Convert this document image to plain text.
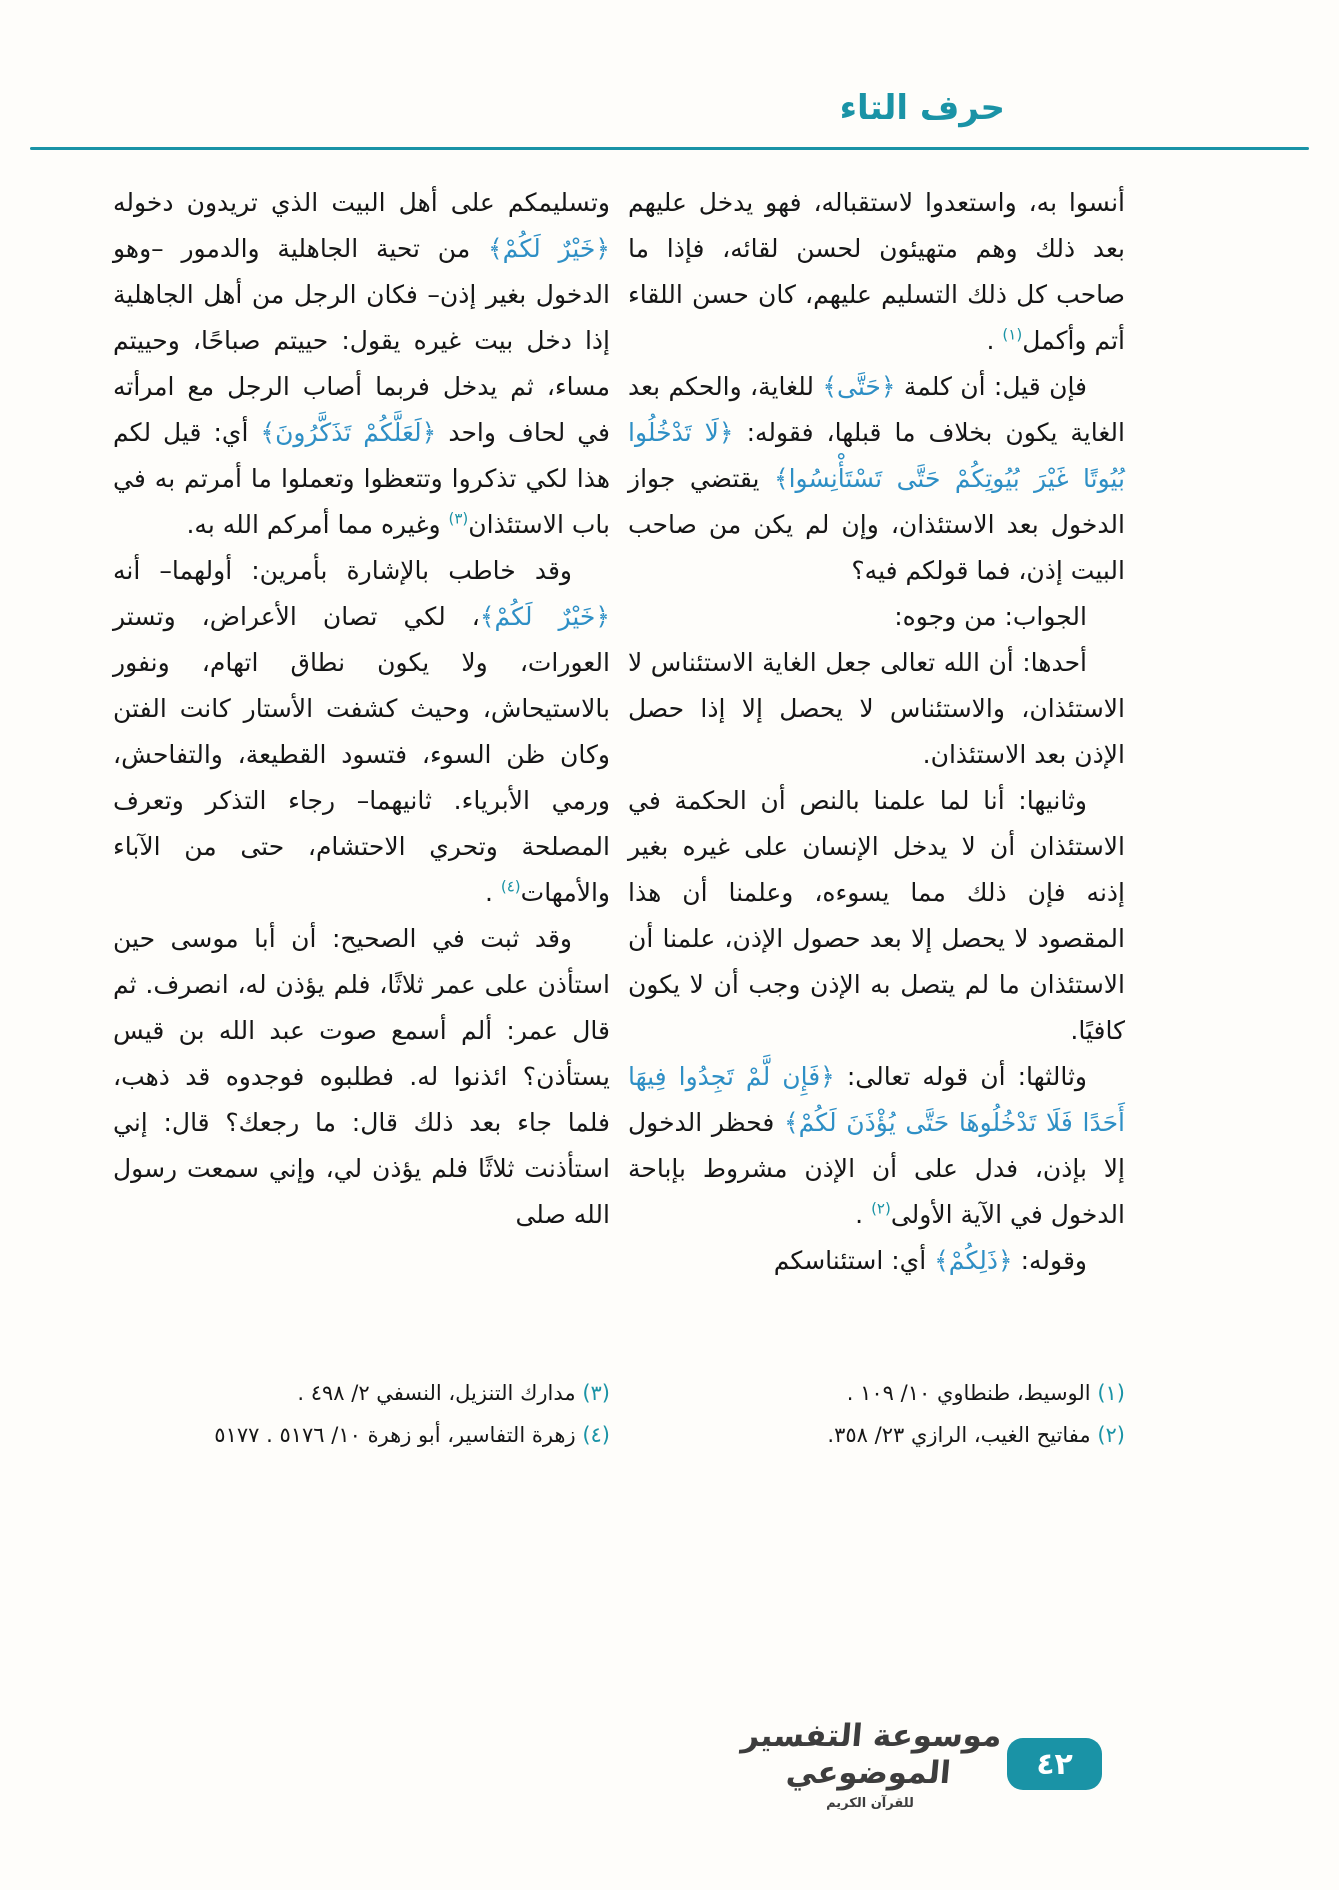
حرف التاء

أنسوا به، واستعدوا لاستقباله، فهو يدخل عليهم بعد ذلك وهم متهيئون لحسن لقائه، فإذا ما صاحب كل ذلك التسليم عليهم، كان حسن اللقاء أتم وأكمل$^{(١)}$ .

فإن قيل: أن كلمة ﴿حَتَّى﴾ للغاية، والحكم بعد الغاية يكون بخلاف ما قبلها، فقوله: ﴿لَا تَدْخُلُوا بُيُوتًا غَيْرَ بُيُوتِكُمْ حَتَّى تَسْتَأْنِسُوا﴾ يقتضي جواز الدخول بعد الاستئذان، وإن لم يكن من صاحب البيت إذن، فما قولكم فيه؟

الجواب: من وجوه:

أحدها: أن الله تعالى جعل الغاية الاستئناس لا الاستئذان، والاستئناس لا يحصل إلا إذا حصل الإذن بعد الاستئذان.

وثانيها: أنا لما علمنا بالنص أن الحكمة في الاستئذان أن لا يدخل الإنسان على غيره بغير إذنه فإن ذلك مما يسوءه، وعلمنا أن هذا المقصود لا يحصل إلا بعد حصول الإذن، علمنا أن الاستئذان ما لم يتصل به الإذن وجب أن لا يكون كافيًا.

وثالثها: أن قوله تعالى: ﴿فَإِن لَّمْ تَجِدُوا فِيهَا أَحَدًا فَلَا تَدْخُلُوهَا حَتَّى يُؤْذَنَ لَكُمْ﴾ فحظر الدخول إلا بإذن، فدل على أن الإذن مشروط بإباحة الدخول في الآية الأولى$^{(٢)}$ .

وقوله: ﴿ذَلِكُمْ﴾ أي: استئناسكم

وتسليمكم على أهل البيت الذي تريدون دخوله ﴿خَيْرٌ لَكُمْ﴾ من تحية الجاهلية والدمور –وهو الدخول بغير إذن– فكان الرجل من أهل الجاهلية إذا دخل بيت غيره يقول: حييتم صباحًا، وحييتم مساء، ثم يدخل فربما أصاب الرجل مع امرأته في لحاف واحد ﴿لَعَلَّكُمْ تَذَكَّرُونَ﴾ أي: قيل لكم هذا لكي تذكروا وتتعظوا وتعملوا ما أمرتم به في باب الاستئذان$^{(٣)}$ وغيره مما أمركم الله به.

وقد خاطب بالإشارة بأمرين: أولهما– أنه ﴿خَيْرٌ لَكُمْ﴾، لكي تصان الأعراض، وتستر العورات، ولا يكون نطاق اتهام، ونفور بالاستيحاش، وحيث كشفت الأستار كانت الفتن وكان ظن السوء، فتسود القطيعة، والتفاحش، ورمي الأبرياء. ثانيهما– رجاء التذكر وتعرف المصلحة وتحري الاحتشام، حتى من الآباء والأمهات$^{(٤)}$ .

وقد ثبت في الصحيح: أن أبا موسى حين استأذن على عمر ثلاثًا، فلم يؤذن له، انصرف. ثم قال عمر: ألم أسمع صوت عبد الله بن قيس يستأذن؟ ائذنوا له. فطلبوه فوجدوه قد ذهب، فلما جاء بعد ذلك قال: ما رجعك؟ قال: إني استأذنت ثلاثًا فلم يؤذن لي، وإني سمعت رسول الله صلى

(١) الوسيط، طنطاوي ١٠/ ١٠٩ .
(٢) مفاتيح الغيب، الرازي ٢٣/ ٣٥٨.
(٣) مدارك التنزيل، النسفي ٢/ ٤٩٨ .
(٤) زهرة التفاسير، أبو زهرة ١٠/ ٥١٧٦ . ٥١٧٧
موسوعة التفسير الموضوعي
للقرآن الكريم
٤٢
